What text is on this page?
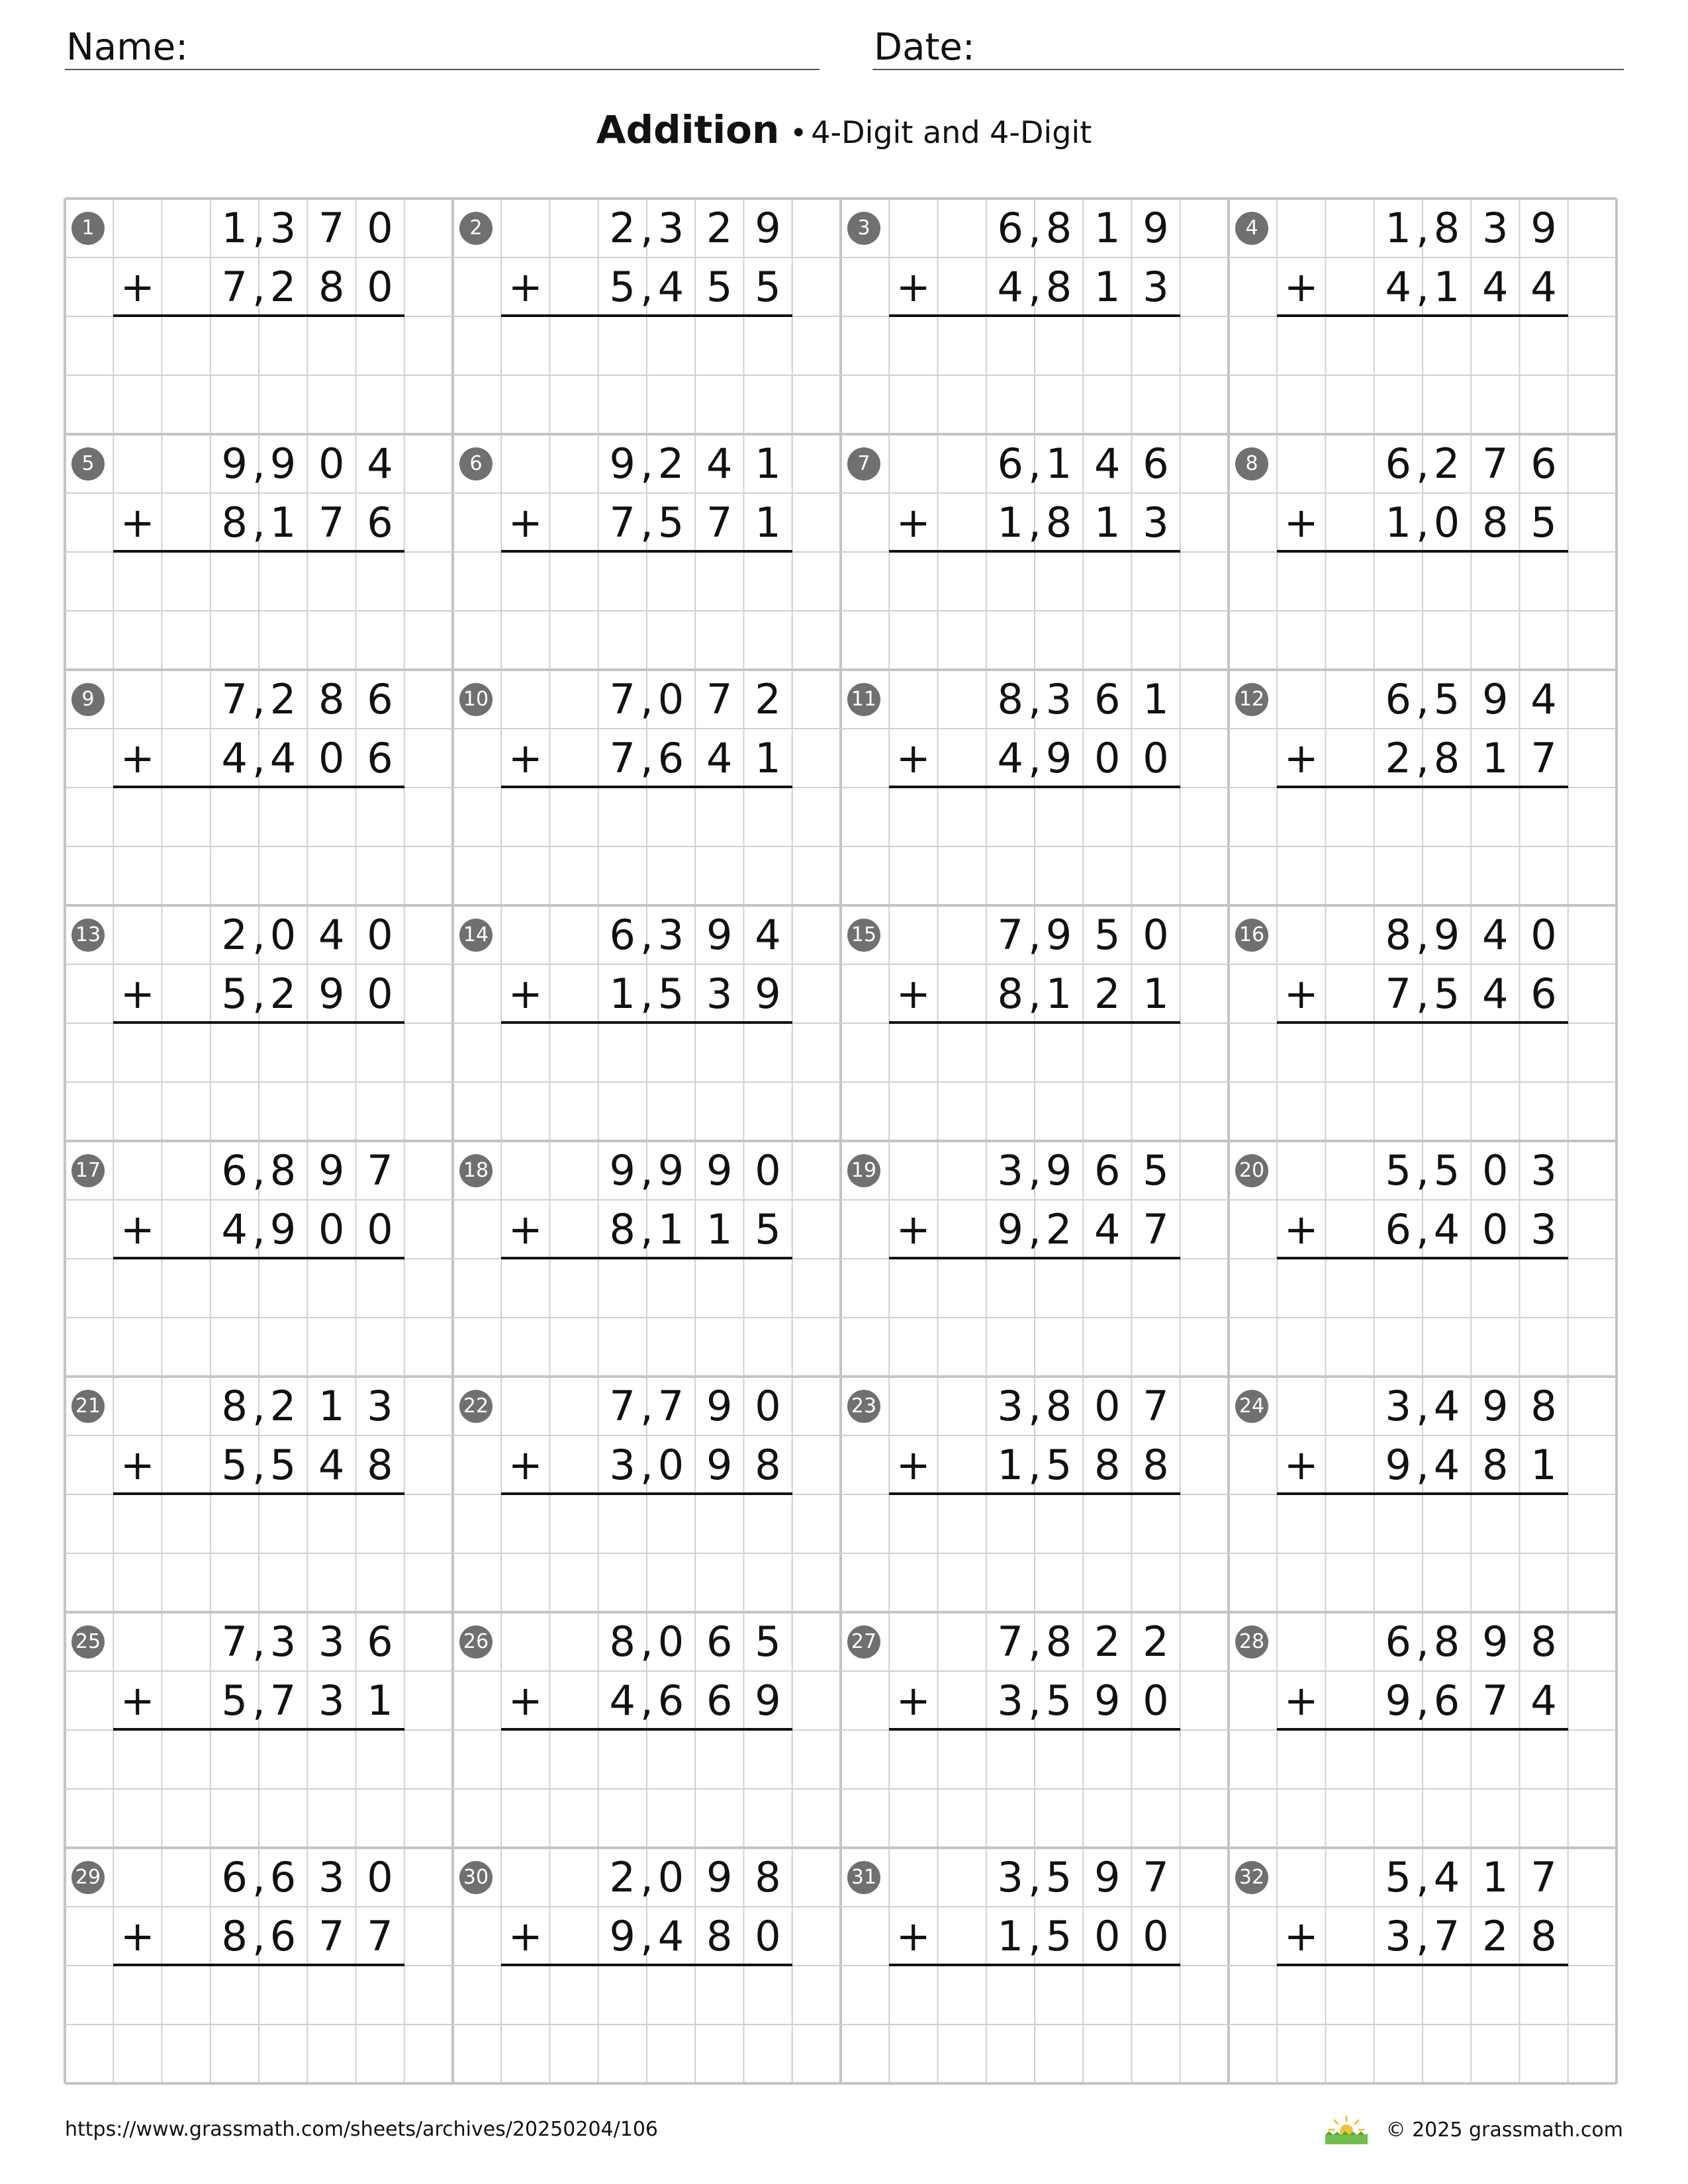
Name:	Date:
Addition • 4-Digit and 4-Digit
1	1 3 7 0
,
7 2 8 0
,
+
2	2 3 2 9
,
5 4 5 5
,
+
3	6 8 1 9
,
4 8 1 3
,
+
4	1 8 3 9
,
4 1 4 4
,
+
5	9 9 0 4
,
8 1 7 6
,
+
6	9 2 4 1
,
7 5 7 1
,
+
7	6 1 4 6
,
1 8 1 3
,
+
8	6 2 7 6
,
1 0 8 5
,
+
9	7 2 8 6
,
4 4 0 6
,
+
10	7 0 7 2
,
7 6 4 1
,
+
11	8 3 6 1
,
4 9 0 0
,
+
12	6 5 9 4
,
2 8 1 7
,
+
13	2 0 4 0
,
5 2 9 0
,
+
14	6 3 9 4
,
1 5 3 9
,
+
15	7 9 5 0
,
8 1 2 1
,
+
16	8 9 4 0
,
7 5 4 6
,
+
17	6 8 9 7
,
4 9 0 0
,
+
18	9 9 9 0
,
8 1 1 5
,
+
19	3 9 6 5
,
9 2 4 7
,
+
20	5 5 0 3
,
6 4 0 3
,
+
21	8 2 1 3
,
5 5 4 8
,
+
22	7 7 9 0
,
3 0 9 8
,
+
23	3 8 0 7
,
1 5 8 8
,
+
24	3 4 9 8
,
9 4 8 1
,
+
25	7 3 3 6
,
5 7 3 1
,
+
26	8 0 6 5
,
4 6 6 9
,
+
27	7 8 2 2
,
3 5 9 0
,
+
28	6 8 9 8
,
9 6 7 4
,
+
29	6 6 3 0
,
8 6 7 7
,
+
30	2 0 9 8
,
9 4 8 0
,
+
31	3 5 9 7
,
1 5 0 0
,
+
32	5 4 1 7
,
3 7 2 8
,
+
https://www.grassmath.com/sheets/archives/20250204/106	© 2025 grassmath.com
